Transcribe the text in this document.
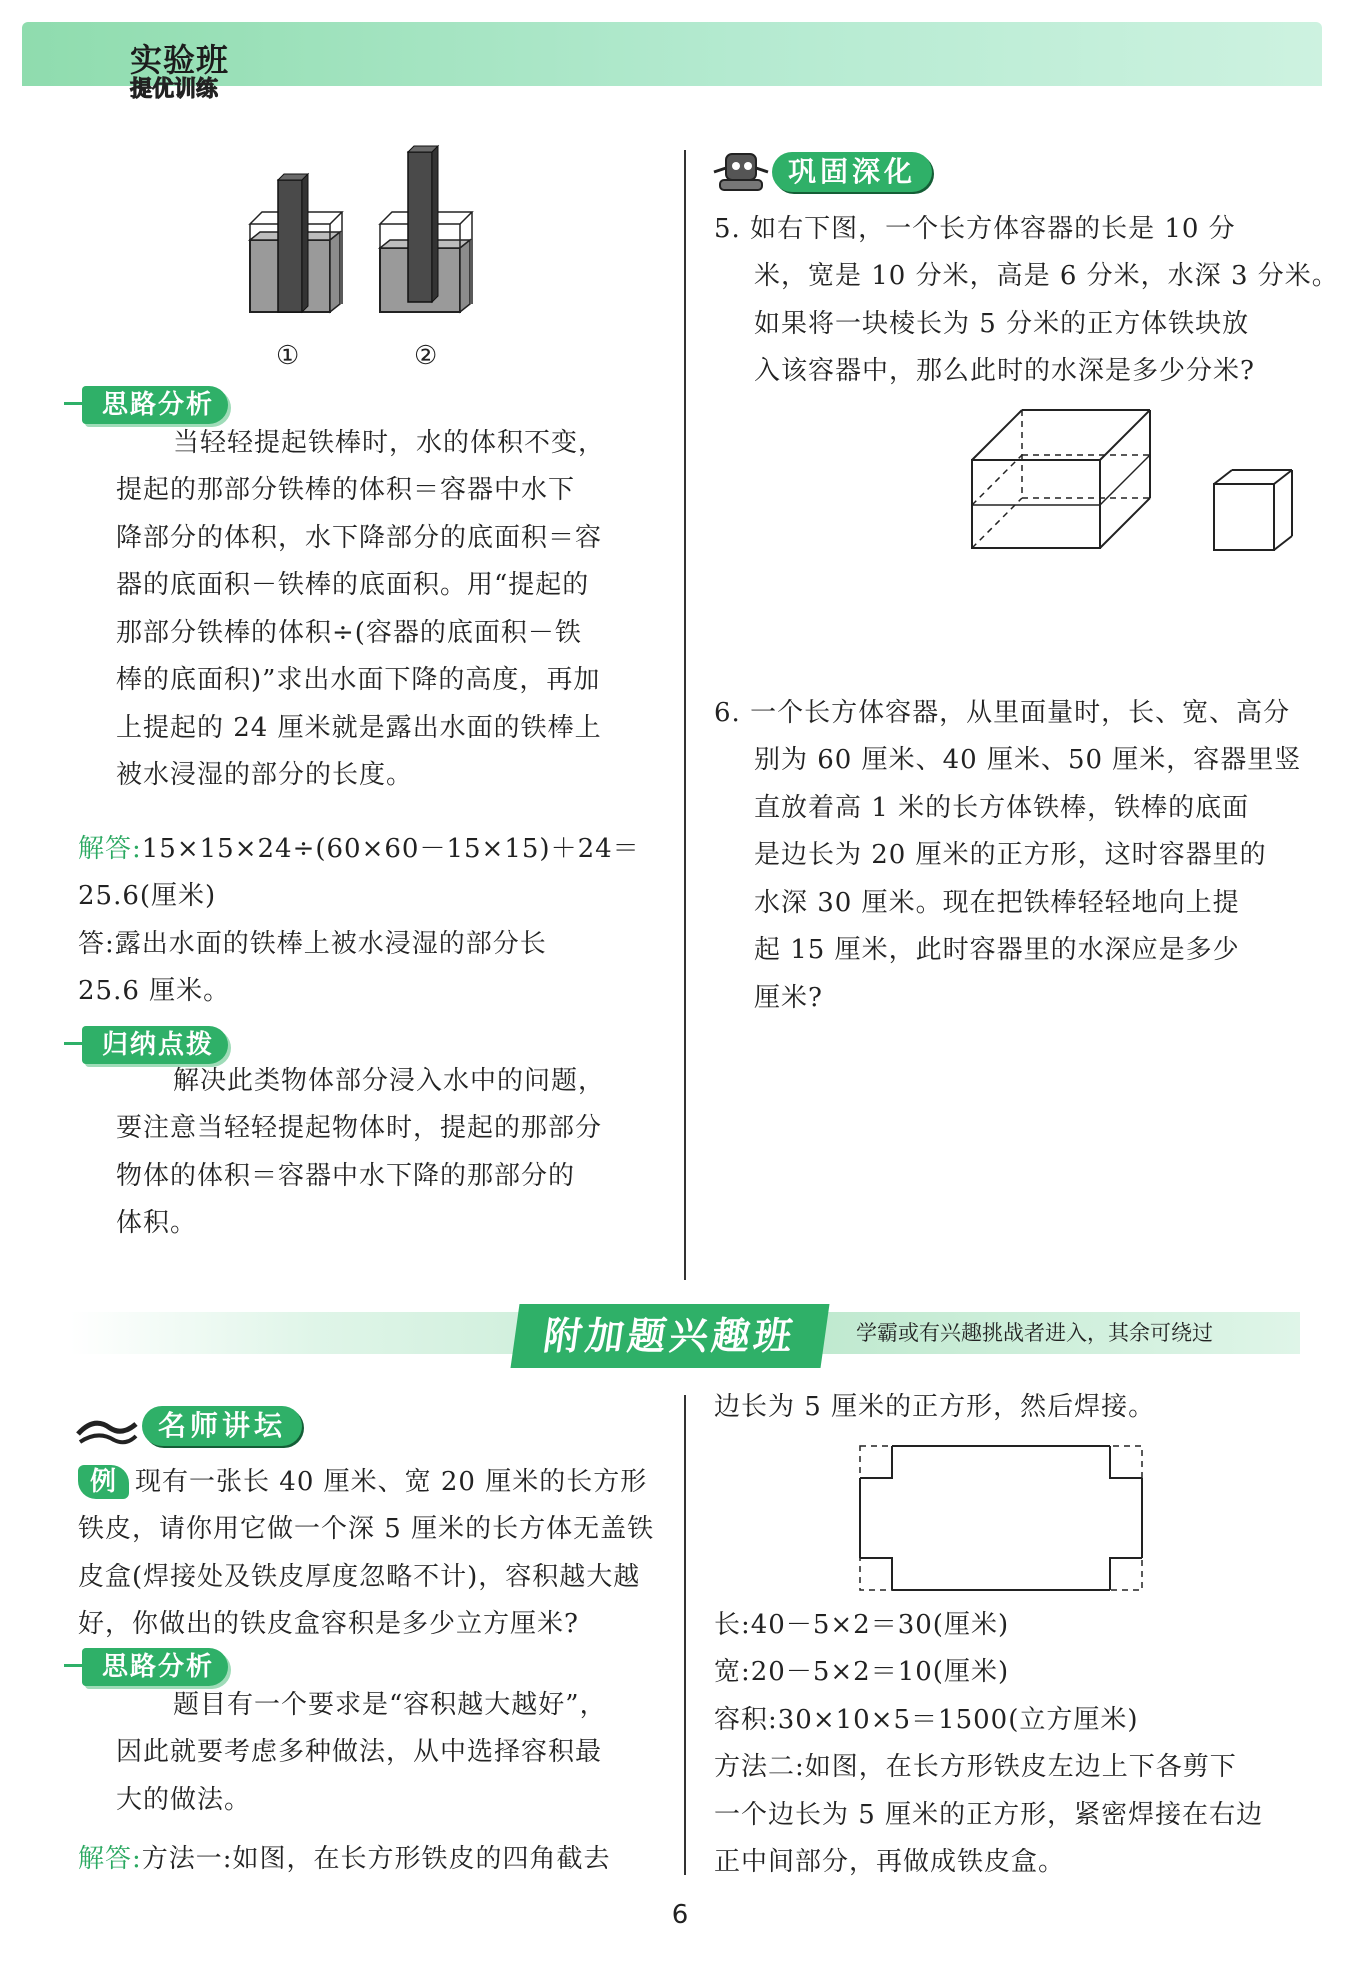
实验班
提优训练
①	②
思路分析
当轻轻提起铁棒时，水的体积不变，
提起的那部分铁棒的体积＝容器中水下
降部分的体积，水下降部分的底面积＝容
器的底面积－铁棒的底面积。用“提起的
那部分铁棒的体积÷(容器的底面积－铁
棒的底面积)”求出水面下降的高度，再加
上提起的 24 厘米就是露出水面的铁棒上
被水浸湿的部分的长度。
解答:15×15×24÷(60×60－15×15)＋24＝
25.6(厘米)
答:露出水面的铁棒上被水浸湿的部分长
25.6 厘米。
归纳点拨
解决此类物体部分浸入水中的问题，
要注意当轻轻提起物体时，提起的那部分
物体的体积＝容器中水下降的那部分的
体积。
巩固深化
5. 如右下图，一个长方体容器的长是 10 分
米，宽是 10 分米，高是 6 分米，水深 3 分米。
如果将一块棱长为 5 分米的正方体铁块放
入该容器中，那么此时的水深是多少分米?
6. 一个长方体容器，从里面量时，长、宽、高分
别为 60 厘米、40 厘米、50 厘米，容器里竖
直放着高 1 米的长方体铁棒，铁棒的底面
是边长为 20 厘米的正方形，这时容器里的
水深 30 厘米。现在把铁棒轻轻地向上提
起 15 厘米，此时容器里的水深应是多少
厘米?
附加题兴趣班	学霸或有兴趣挑战者进入，其余可绕过
名师讲坛
例 现有一张长 40 厘米、宽 20 厘米的长方形
铁皮，请你用它做一个深 5 厘米的长方体无盖铁
皮盒(焊接处及铁皮厚度忽略不计)，容积越大越
好，你做出的铁皮盒容积是多少立方厘米?
思路分析
题目有一个要求是“容积越大越好”，
因此就要考虑多种做法，从中选择容积最
大的做法。
解答:方法一:如图，在长方形铁皮的四角截去
边长为 5 厘米的正方形，然后焊接。
长:40－5×2＝30(厘米)
宽:20－5×2＝10(厘米)
容积:30×10×5＝1500(立方厘米)
方法二:如图，在长方形铁皮左边上下各剪下
一个边长为 5 厘米的正方形，紧密焊接在右边
正中间部分，再做成铁皮盒。
6
